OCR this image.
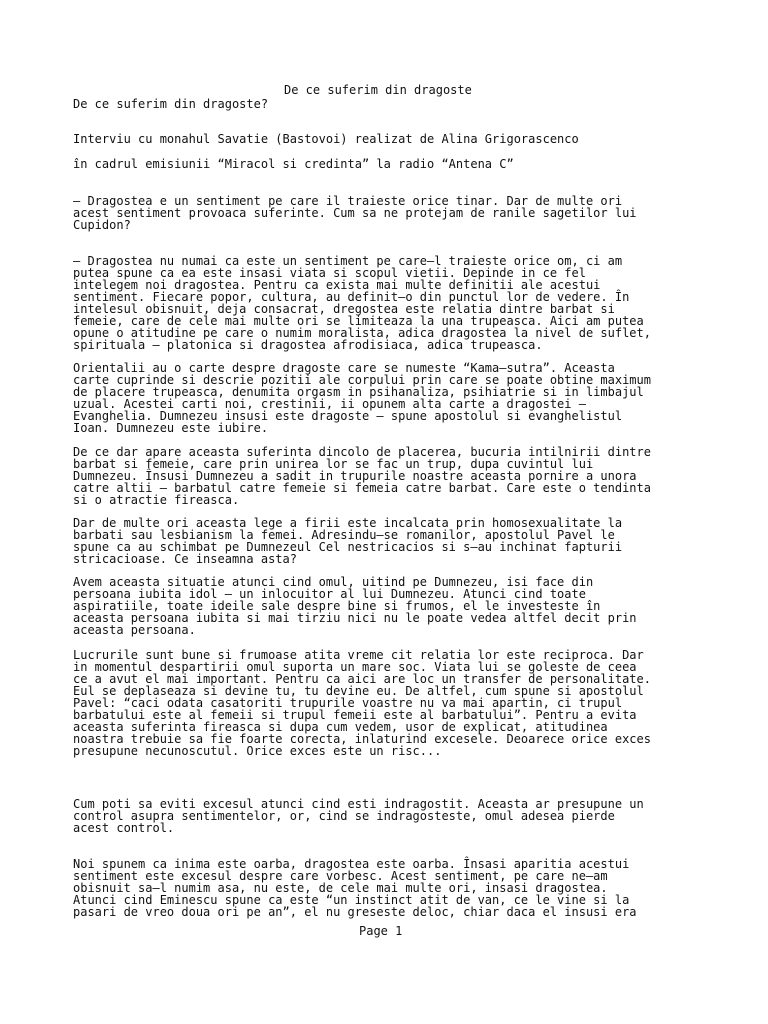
De ce suferim din dragoste
De ce suferim din dragoste?
Interviu cu monahul Savatie (Bastovoi) realizat de Alina Grigorascenco
în cadrul emisiunii “Miracol si credinta” la radio “Antena C”
– Dragostea e un sentiment pe care il traieste orice tinar. Dar de multe ori
acest sentiment provoaca suferinte. Cum sa ne protejam de ranile sagetilor lui
Cupidon?
– Dragostea nu numai ca este un sentiment pe care–l traieste orice om, ci am
putea spune ca ea este insasi viata si scopul vietii. Depinde in ce fel
intelegem noi dragostea. Pentru ca exista mai multe definitii ale acestui
sentiment. Fiecare popor, cultura, au definit–o din punctul lor de vedere. În
intelesul obisnuit, deja consacrat, dregostea este relatia dintre barbat si
femeie, care de cele mai multe ori se limiteaza la una trupeasca. Aici am putea
opune o atitudine pe care o numim moralista, adica dragostea la nivel de suflet,
spirituala – platonica si dragostea afrodisiaca, adica trupeasca.
Orientalii au o carte despre dragoste care se numeste “Kama–sutra”. Aceasta
carte cuprinde si descrie pozitii ale corpului prin care se poate obtine maximum
de placere trupeasca, denumita orgasm in psihanaliza, psihiatrie si in limbajul
uzual. Acestei carti noi, crestinii, ii opunem alta carte a dragostei –
Evanghelia. Dumnezeu insusi este dragoste – spune apostolul si evanghelistul
Ioan. Dumnezeu este iubire.
De ce dar apare aceasta suferinta dincolo de placerea, bucuria intilnirii dintre
barbat si femeie, care prin unirea lor se fac un trup, dupa cuvintul lui
Dumnezeu. Însusi Dumnezeu a sadit in trupurile noastre aceasta pornire a unora
catre altii – barbatul catre femeie si femeia catre barbat. Care este o tendinta
si o atractie fireasca.
Dar de multe ori aceasta lege a firii este incalcata prin homosexualitate la
barbati sau lesbianism la femei. Adresindu–se romanilor, apostolul Pavel le
spune ca au schimbat pe Dumnezeul Cel nestricacios si s–au inchinat fapturii
stricacioase. Ce inseamna asta?
Avem aceasta situatie atunci cind omul, uitind pe Dumnezeu, isi face din
persoana iubita idol – un inlocuitor al lui Dumnezeu. Atunci cind toate
aspiratiile, toate ideile sale despre bine si frumos, el le investeste în
aceasta persoana iubita si mai tirziu nici nu le poate vedea altfel decit prin
aceasta persoana.
Lucrurile sunt bune si frumoase atita vreme cit relatia lor este reciproca. Dar
in momentul despartirii omul suporta un mare soc. Viata lui se goleste de ceea
ce a avut el mai important. Pentru ca aici are loc un transfer de personalitate.
Eul se deplaseaza si devine tu, tu devine eu. De altfel, cum spune si apostolul
Pavel: “caci odata casatoriti trupurile voastre nu va mai apartin, ci trupul
barbatului este al femeii si trupul femeii este al barbatului”. Pentru a evita
aceasta suferinta fireasca si dupa cum vedem, usor de explicat, atitudinea
noastra trebuie sa fie foarte corecta, inlaturind excesele. Deoarece orice exces
presupune necunoscutul. Orice exces este un risc...
Cum poti sa eviti excesul atunci cind esti indragostit. Aceasta ar presupune un
control asupra sentimentelor, or, cind se indragosteste, omul adesea pierde
acest control.
Noi spunem ca inima este oarba, dragostea este oarba. Însasi aparitia acestui
sentiment este excesul despre care vorbesc. Acest sentiment, pe care ne–am
obisnuit sa–l numim asa, nu este, de cele mai multe ori, insasi dragostea.
Atunci cind Eminescu spune ca este “un instinct atit de van, ce le vine si la
pasari de vreo doua ori pe an”, el nu greseste deloc, chiar daca el insusi era
Page 1
